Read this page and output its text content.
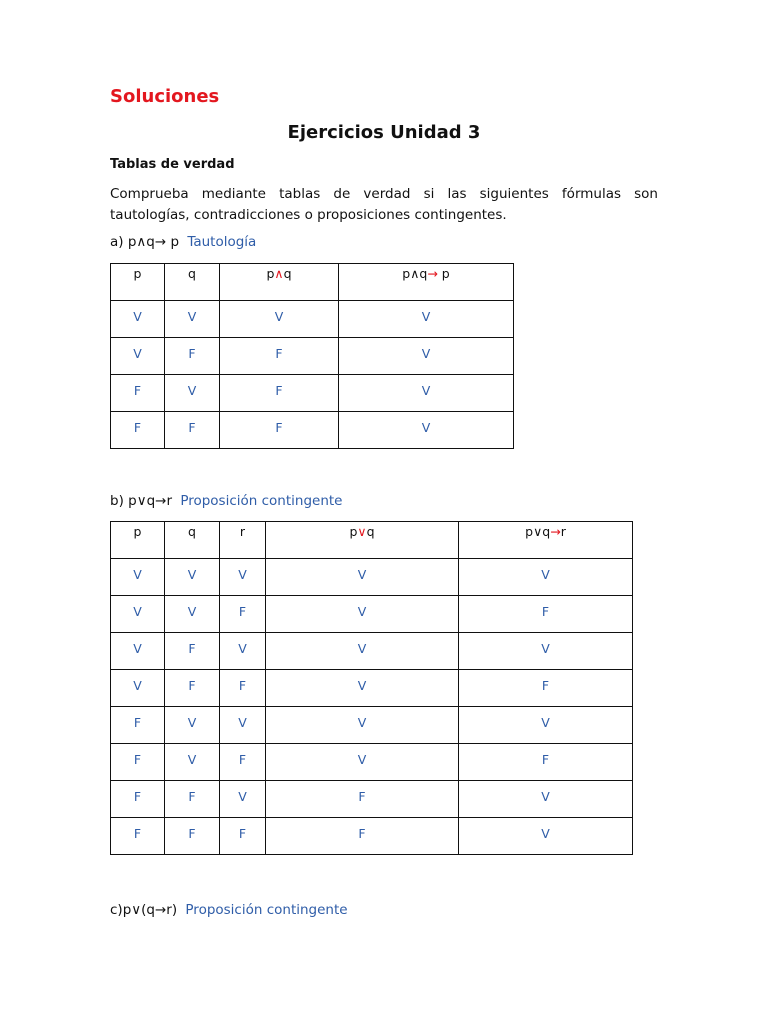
Soluciones
Ejercicios Unidad 3
Tablas de verdad
Comprueba mediante tablas de verdad si las siguientes fórmulas son tautologías, contradicciones o proposiciones contingentes.
a) p∧q→ p Tautología
p	q	p∧q	p∧q→ p
V	V	V	V
V	F	F	V
F	V	F	V
F	F	F	V
b) p∨q→r Proposición contingente
p	q	r	p∨q	p∨q→r
V	V	V	V	V
V	V	F	V	F
V	F	V	V	V
V	F	F	V	F
F	V	V	V	V
F	V	F	V	F
F	F	V	F	V
F	F	F	F	V
c)p∨(q→r) Proposición contingente
